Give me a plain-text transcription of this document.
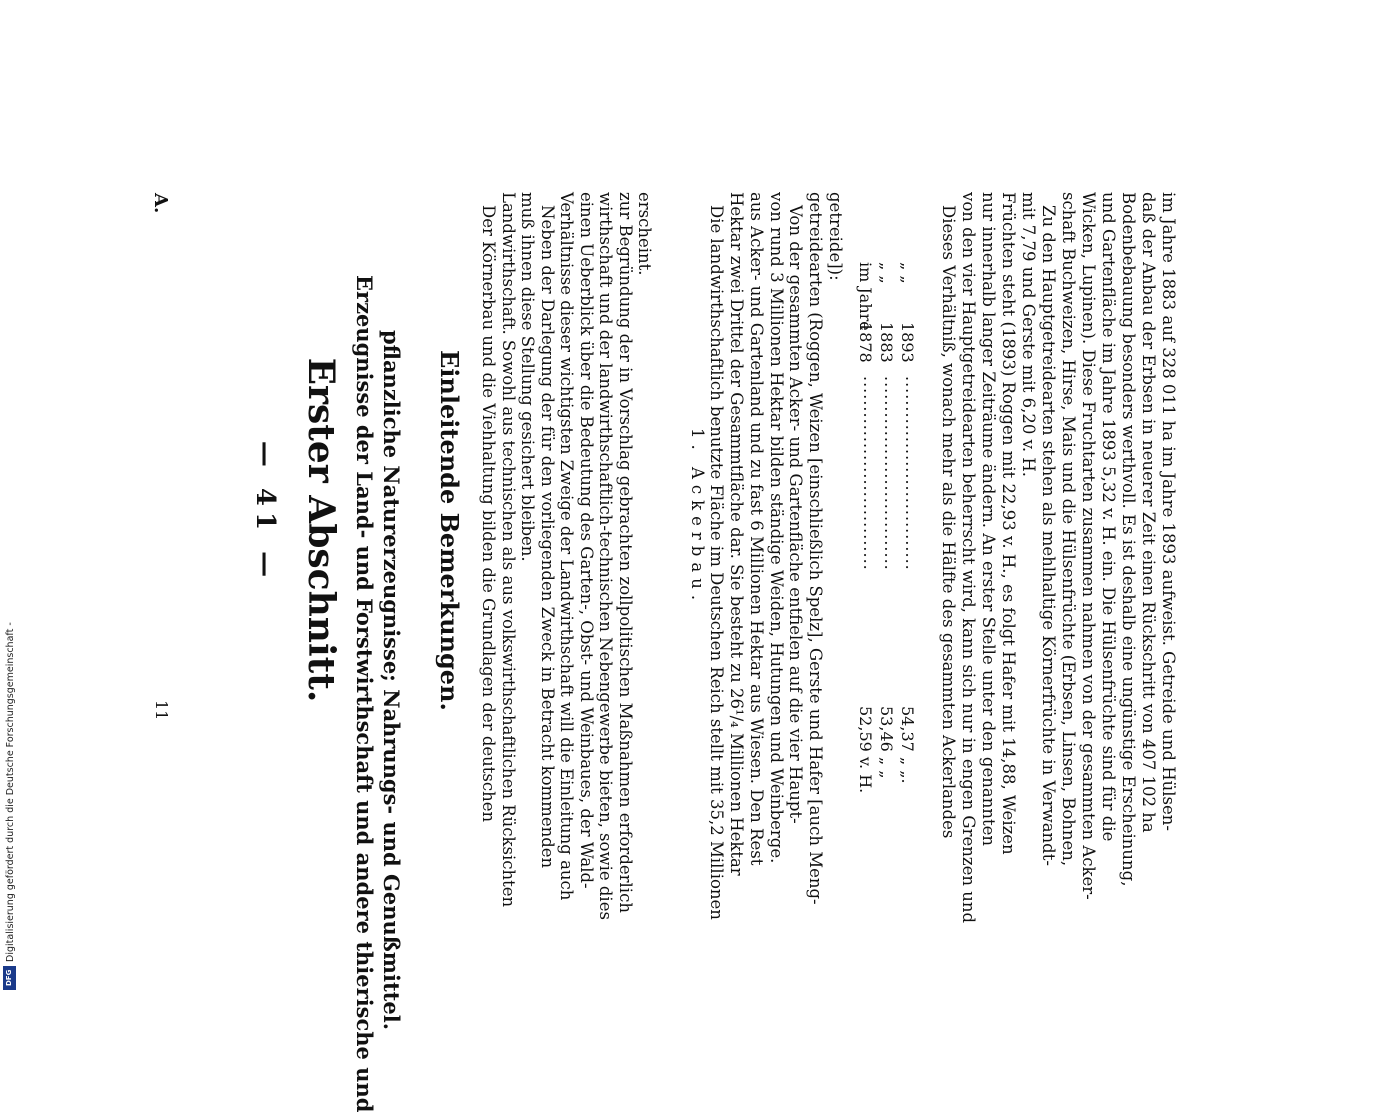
— 41 — Erster Abschnitt. Erzeugnisse der Land- und Forstwirthschaft und andere thierische und pflanzliche Naturerzeugnisse; Nahrungs- und Genußmittel. Einleitende Bemerkungen. Der Körnerbau und die Viehhaltung bilden die Grundlagen der deutschen Landwirthschaft. Sowohl aus technischen als aus volkswirthschaftlichen Rücksichten muß ihnen diese Stellung gesichert bleiben. Neben der Darlegung der für den vorliegenden Zweck in Betracht kommenden Verhältnisse dieser wichtigsten Zweige der Landwirthschaft will die Einleitung auch einen Ueberblick über die Bedeutung des Garten-, Obst- und Weinbaues, der Wald- wirthschaft und der landwirthschaftlich-technischen Nebengewerbe bieten, sowie dies zur Begründung der in Vorschlag gebrachten zollpolitischen Maßnahmen erforderlich erscheint.
1. Ackerbau. Die landwirthschaftlich benutzte Fläche im Deutschen Reich stellt mit 35,2 Millionen Hektar zwei Drittel der Gesammtfläche dar. Sie besteht zu 26¹/₄ Millionen Hektar aus Acker- und Gartenland und zu fast 6 Millionen Hektar aus Wiesen. Den Rest von rund 3 Millionen Hektar bilden ständige Weiden, Hutungen und Weinberge. Von der gesammten Acker- und Gartenfläche entfielen auf die vier Haupt- getreidearten (Roggen, Weizen [einschließlich Spelz], Gerste und Hafer [auch Meng- getreide]):
im Jahre1878................................52,59 v. H.
„ „1883................................53,46 „ „
„ „1893................................54,37 „ „. Dieses Verhältniß, wonach mehr als die Hälfte des gesammten Ackerlandes von den vier Hauptgetreidearten beherrscht wird, kann sich nur in engen Grenzen und nur innerhalb langer Zeiträume ändern. An erster Stelle unter den genannten Früchten steht (1893) Roggen mit 22,93 v. H., es folgt Hafer mit 14,88, Weizen mit 7,79 und Gerste mit 6,20 v. H. Zu den Hauptgetreidearten stehen als mehlhaltige Körnerfrüchte in Verwandt- schaft Buchweizen, Hirse, Mais und die Hülsenfrüchte (Erbsen, Linsen, Bohnen, Wicken, Lupinen). Diese Fruchtarten zusammen nahmen von der gesammten Acker- und Gartenfläche im Jahre 1893 5,32 v. H. ein. Die Hülsenfrüchte sind für die Bodenbebauung besonders werthvoll. Es ist deshalb eine ungünstige Erscheinung, daß der Anbau der Erbsen in neuerer Zeit einen Rückschritt von 407 102 ha im Jahre 1883 auf 328 011 ha im Jahre 1893 aufweist. Getreide und Hülsen-
A.
11
Digitalisierung gefördert durch die Deutsche Forschungsgemeinschaft -
DFG
